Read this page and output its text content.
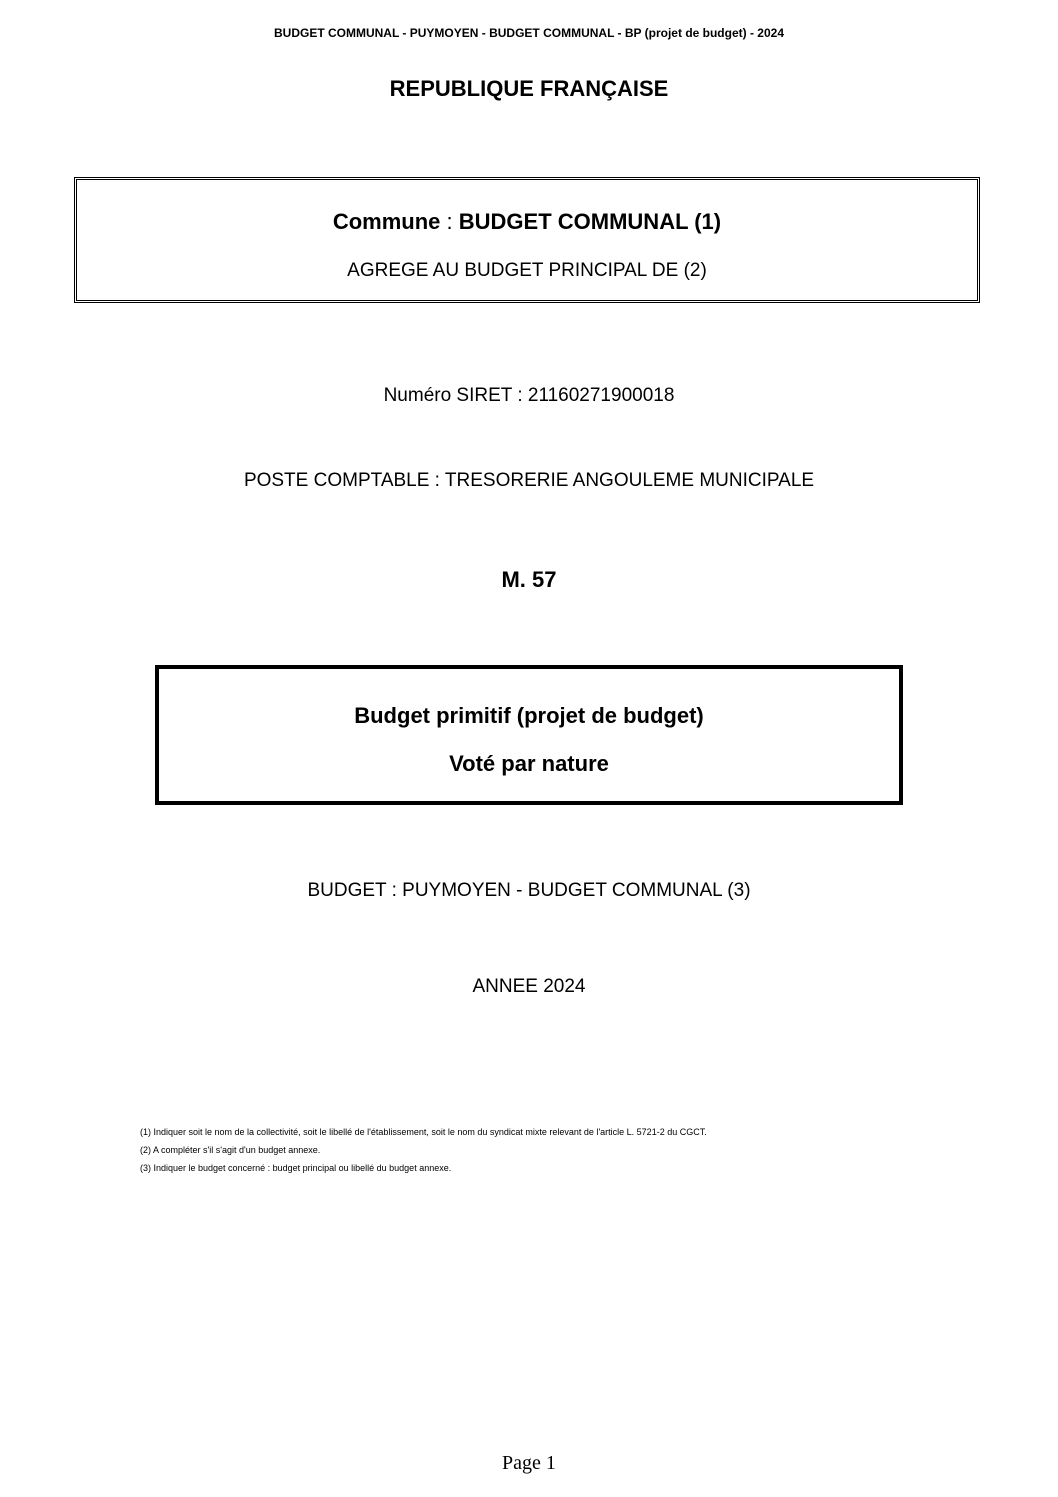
BUDGET COMMUNAL - PUYMOYEN - BUDGET COMMUNAL - BP (projet de budget) - 2024
REPUBLIQUE FRANÇAISE
Commune : BUDGET COMMUNAL (1)
AGREGE AU BUDGET PRINCIPAL DE (2)
Numéro SIRET : 21160271900018
POSTE COMPTABLE : TRESORERIE ANGOULEME MUNICIPALE
M. 57
Budget primitif (projet de budget)
Voté par nature
BUDGET : PUYMOYEN - BUDGET COMMUNAL (3)
ANNEE 2024
(1) Indiquer soit le nom de la collectivité, soit le libellé de l'établissement, soit le nom du syndicat mixte relevant de l'article L. 5721-2 du CGCT.
(2) A compléter s'il s'agit d'un budget annexe.
(3) Indiquer le budget concerné : budget principal ou libellé du budget annexe.
Page 1
